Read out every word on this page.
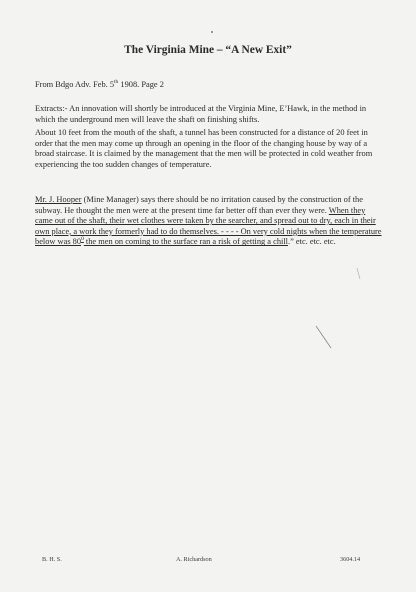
The Virginia Mine – “A New Exit”
From Bdgo Adv. Feb. 5th 1908. Page 2
Extracts:- An innovation will shortly be introduced at the Virginia Mine, E’Hawk, in the method in which the underground men will leave the shaft on finishing shifts.
About 10 feet from the mouth of the shaft, a tunnel has been constructed for a distance of 20 feet in order that the men may come up through an opening in the floor of the changing house by way of a broad staircase. It is claimed by the management that the men will be protected in cold weather from experiencing the too sudden changes of temperature.
Mr. J. Hooper (Mine Manager) says there should be no irritation caused by the construction of the subway. He thought the men were at the present time far better off than ever they were. When they came out of the shaft, their wet clothes were taken by the searcher, and spread out to dry, each in their own place, a work they formerly had to do themselves. - - - - On very cold nights when the temperature below was $80^0$ the men on coming to the surface ran a risk of getting a chill.” etc. etc. etc.
B. H. S.	A. Richardson	3604.14
